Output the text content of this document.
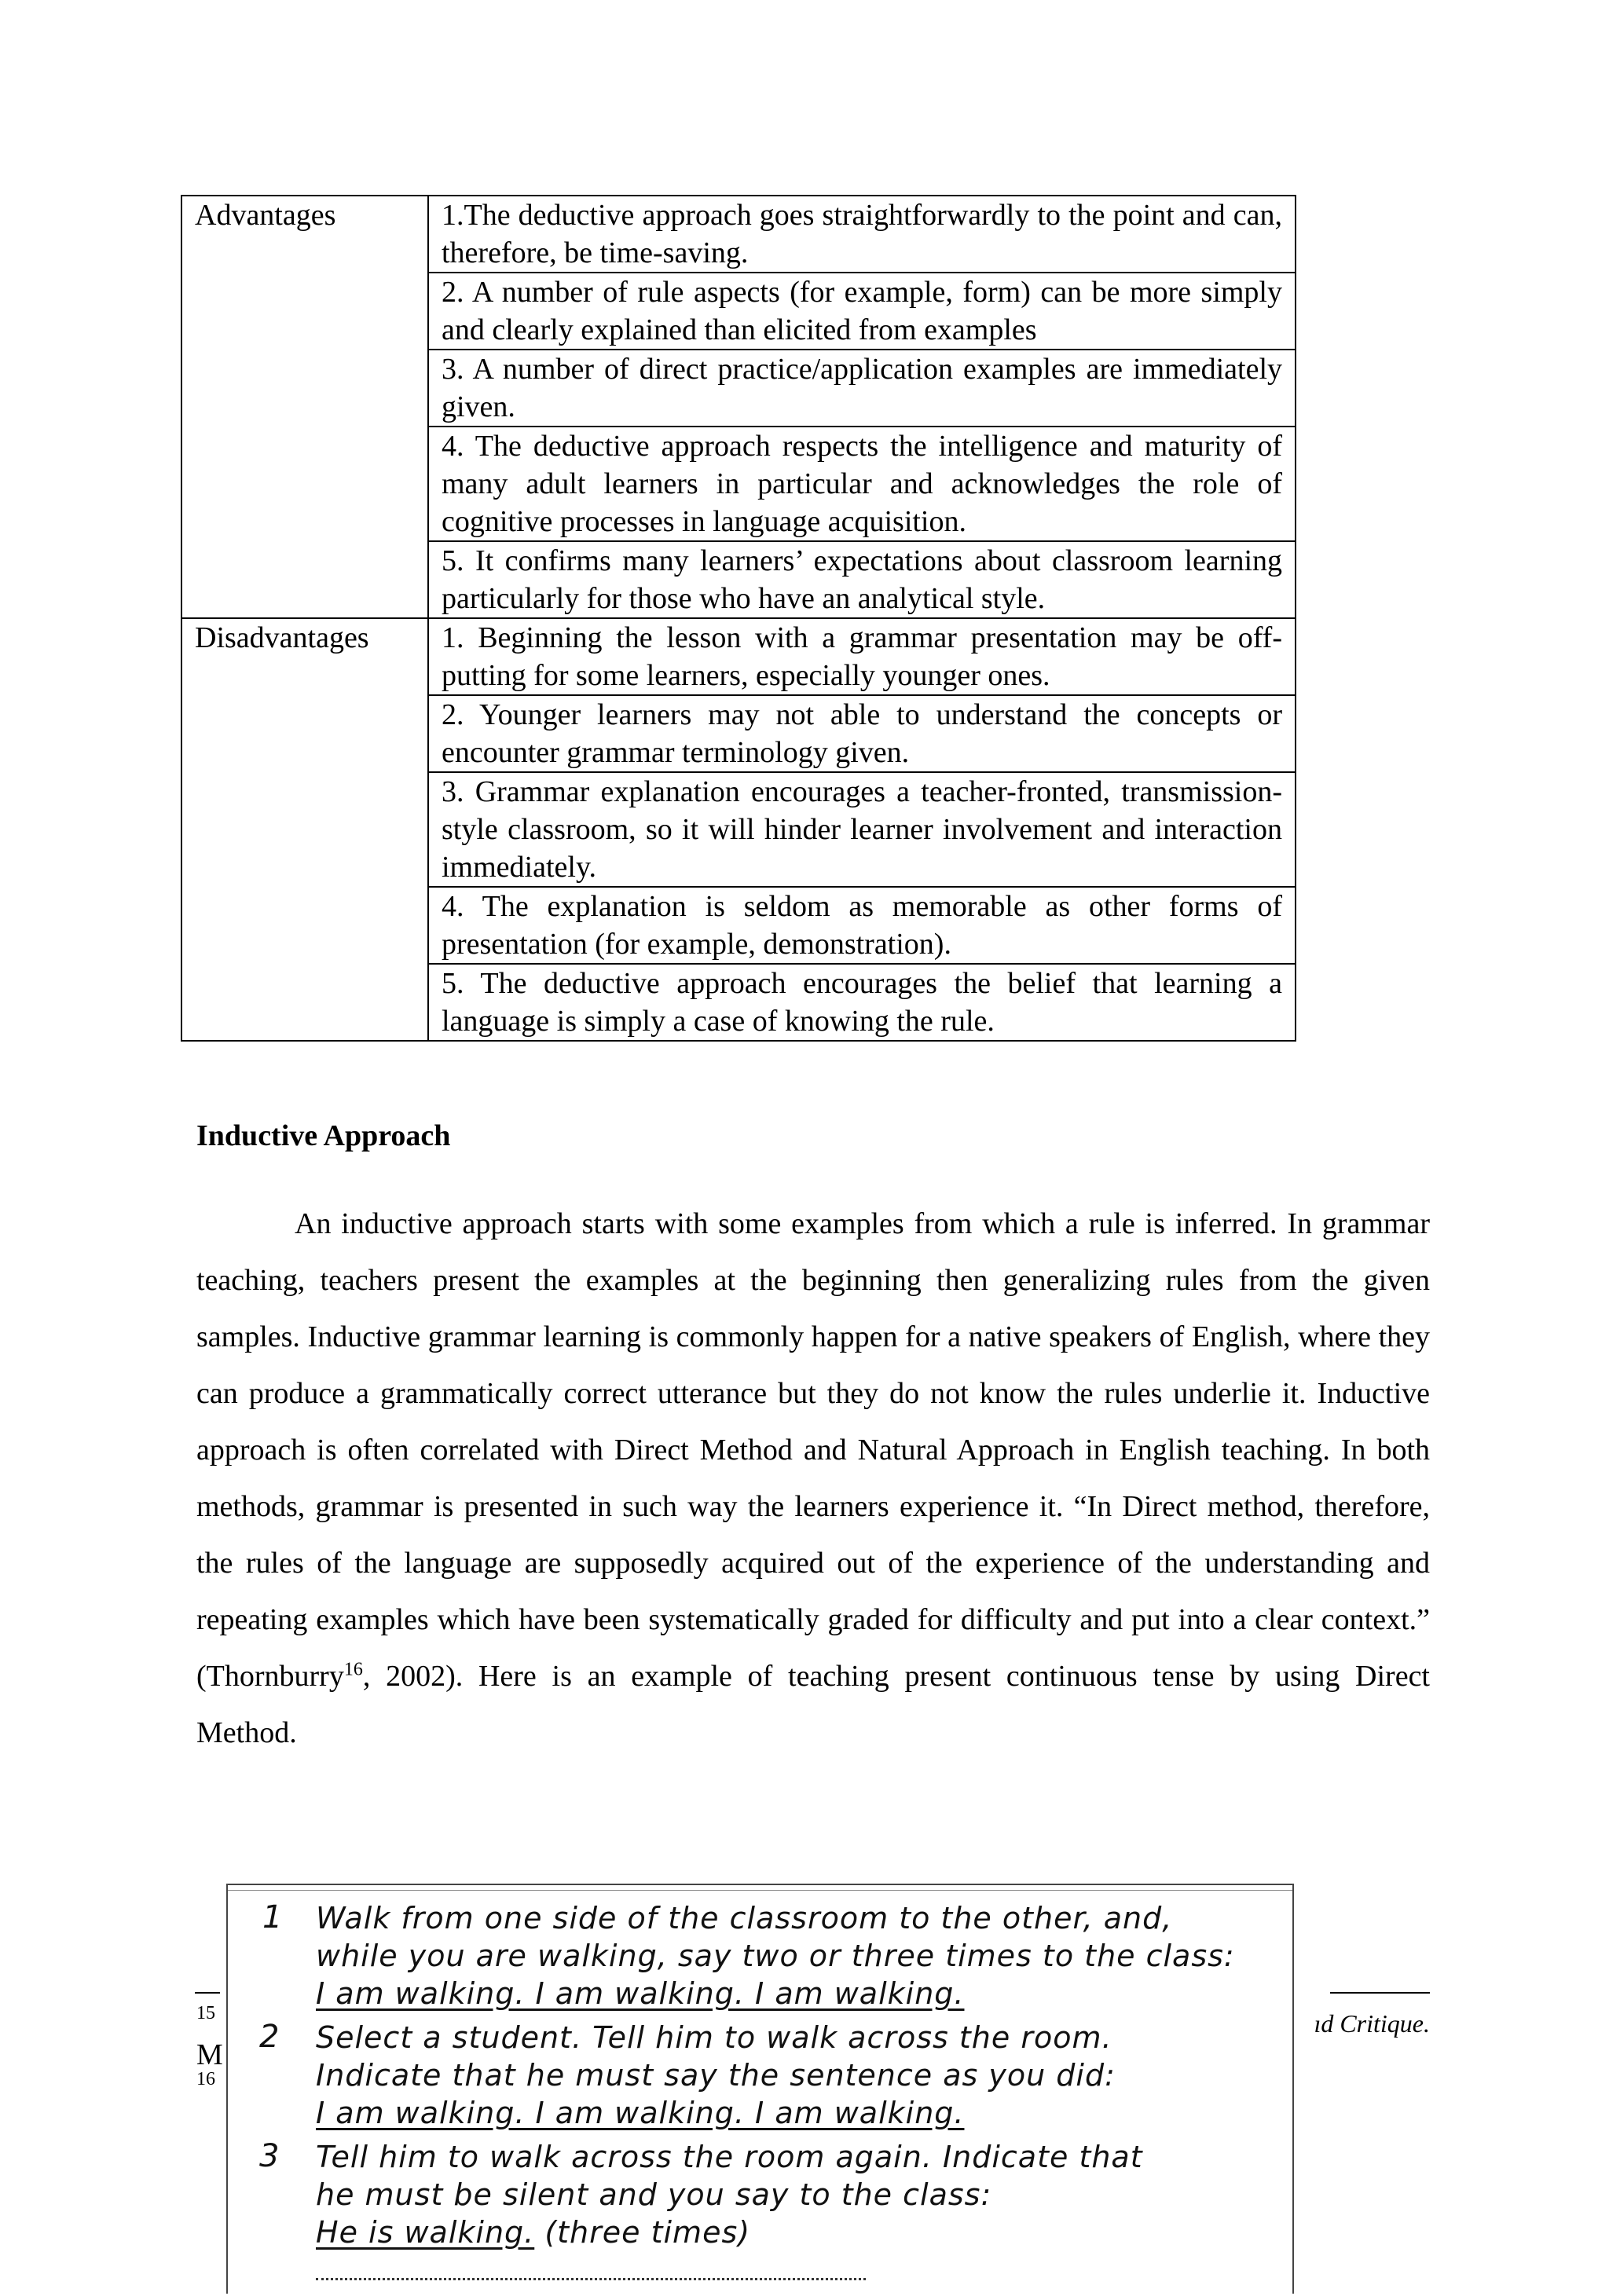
Advantages	1.The deductive approach goes straightforwardly to the point and can, therefore, be time-saving.
	2. A number of rule aspects (for example, form) can be more simply and clearly explained than elicited from examples
	3. A number of direct practice/application examples are immediately given.
	4. The deductive approach respects the intelligence and maturity of many adult learners in particular and acknowledges the role of cognitive processes in language acquisition.
	5. It confirms many learners’ expectations about classroom learning particularly for those who have an analytical style.
Disadvantages	1. Beginning the lesson with a grammar presentation may be off-putting for some learners, especially younger ones.
	2. Younger learners may not able to understand the concepts or encounter grammar terminology given.
	3. Grammar explanation encourages a teacher-fronted, transmission-style classroom, so it will hinder learner involvement and interaction immediately.
	4. The explanation is seldom as memorable as other forms of presentation (for example, demonstration).
	5. The deductive approach encourages the belief that learning a language is simply a case of knowing the rule.
Inductive Approach

An inductive approach starts with some examples from which a rule is inferred. In grammar teaching, teachers present the examples at the beginning then generalizing rules from the given samples. Inductive grammar learning is commonly happen for a native speakers of English, where they can produce a grammatically correct utterance but they do not know the rules underlie it. Inductive approach is often correlated with Direct Method and Natural Approach in English teaching. In both methods, grammar is presented in such way the learners experience it. “In Direct method, therefore, the rules of the language are supposedly acquired out of the experience of the understanding and repeating examples which have been systematically graded for difficulty and put into a clear context.” (Thornburry$^{16}$, 2002). Here is an example of teaching present continuous tense by using Direct Method.

15
M
16
ıd Critique.
1 Walk from one side of the classroom to the other, and,
while you are walking, say two or three times to the class:
I am walking. I am walking. I am walking.
2 Select a student. Tell him to walk across the room.
Indicate that he must say the sentence as you did:
I am walking. I am walking. I am walking.
3 Tell him to walk across the room again. Indicate that
he must be silent and you say to the class:
He is walking. (three times)
